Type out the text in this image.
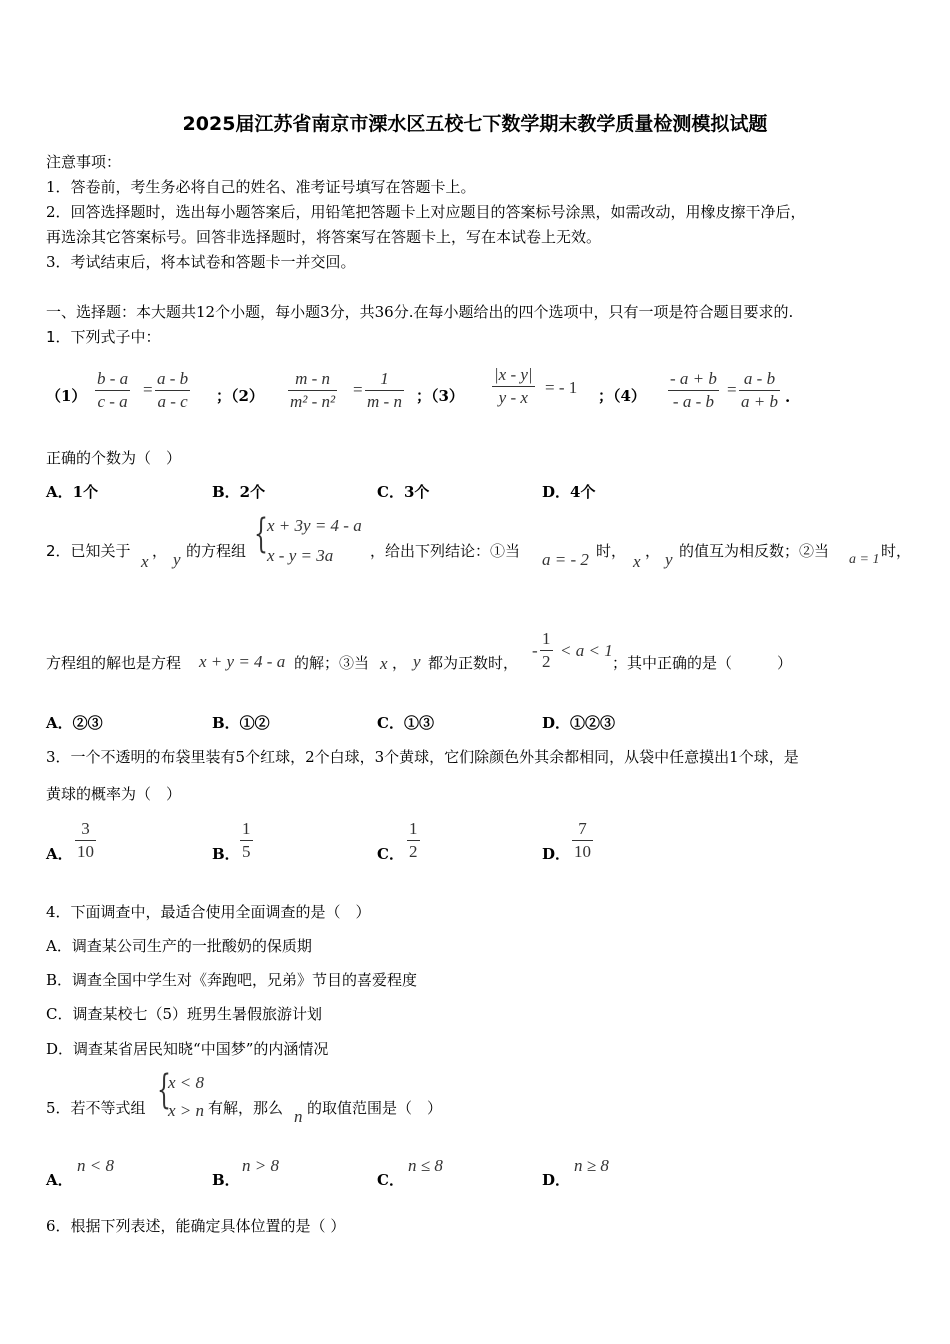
2025届江苏省南京市溧水区五校七下数学期末教学质量检测模拟试题
注意事项：
1．答卷前，考生务必将自己的姓名、准考证号填写在答题卡上。
2．回答选择题时，选出每小题答案后，用铅笔把答题卡上对应题目的答案标号涂黑，如需改动，用橡皮擦干净后，
再选涂其它答案标号。回答非选择题时，将答案写在答题卡上，写在本试卷上无效。
3．考试结束后，将本试卷和答题卡一并交回。
一、选择题：本大题共12个小题，每小题3分，共36分.在每小题给出的四个选项中，只有一项是符合题目要求的.
1．下列式子中：
（1）
b - a
c - a
=
a - b
a - c ；（2）
m - n
m² - n²
=
1
m - n ；（3）
|x - y|
y - x
= - 1 ；（4）
- a + b
- a - b
=
a - b
a + b .
正确的个数为（　）
A．1个	B．2个	C．3个	D．4个
2．已知关于
x
， y 的方程组 { x + 3y = 4 - a
x - y = 3a ，给出下列结论：①当 a = - 2 时，
x
， y 的值互为相反数；②当 a = 1 时，
方程组的解也是方程 x + y = 4 - a 的解；③当 x ， y 都为正数时，
-
1
2
< a < 1
；其中正确的是（　　　）
A．②③	B．①②	C．①③	D．①②③
3．一个不透明的布袋里装有5个红球，2个白球，3个黄球，它们除颜色外其余都相同，从袋中任意摸出1个球，是
黄球的概率为（　）
A．
3
10	B．
1
5	C．
1
2	D．
7
10
4．下面调查中，最适合使用全面调查的是（　）
A．调查某公司生产的一批酸奶的保质期
B．调查全国中学生对《奔跑吧，兄弟》节目的喜爱程度
C．调查某校七（5）班男生暑假旅游计划
D．调查某省居民知晓“中国梦”的内涵情况
5．若不等式组 {
x < 8
x > n 有解，那么 n 的取值范围是（　）
A．
n < 8
B．
n > 8
C．
n ≤ 8
D．
n ≥ 8
6．根据下列表述，能确定具体位置的是（ ）
